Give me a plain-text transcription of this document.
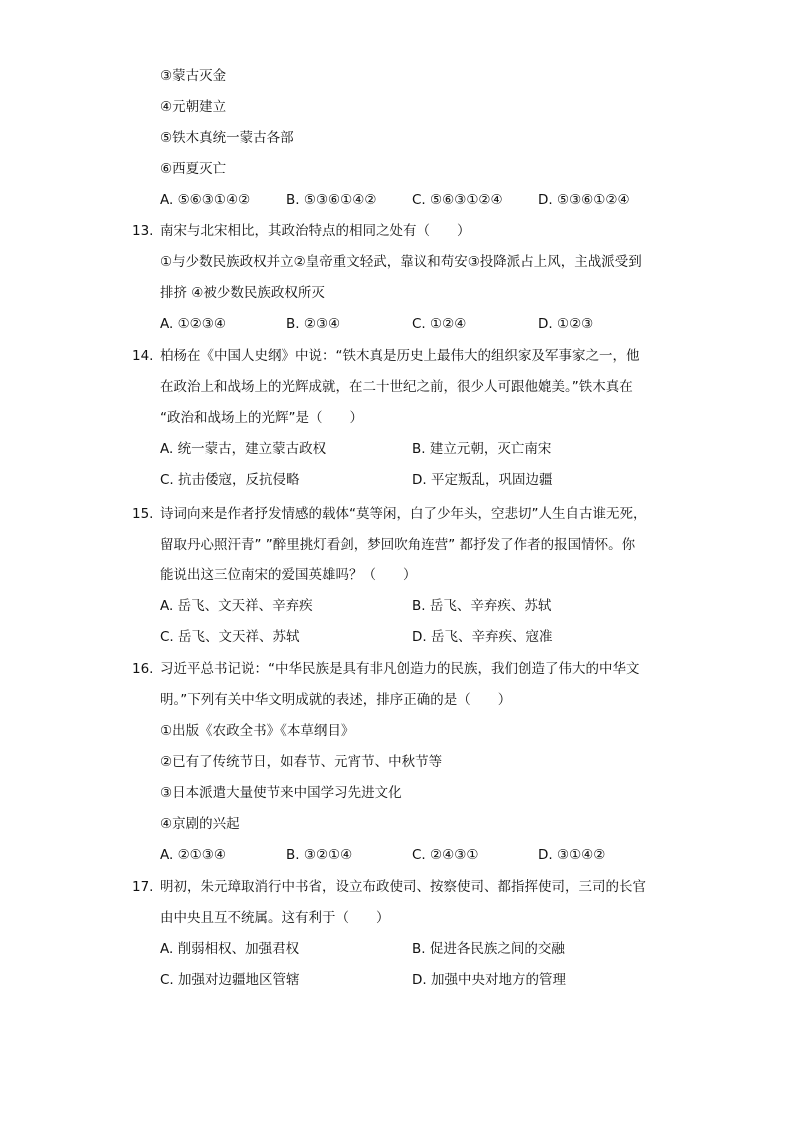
③蒙古灭金
④元朝建立
⑤铁木真统一蒙古各部
⑥西夏灭亡
A. ⑤⑥③①④②	B. ⑤③⑥①④②	C. ⑤⑥③①②④	D. ⑤③⑥①②④
13. 南宋与北宋相比，其政治特点的相同之处有（　　）
①与少数民族政权并立②皇帝重文轻武，靠议和苟安③投降派占上风，主战派受到
排挤 ④被少数民族政权所灭
A. ①②③④	B. ②③④	C. ①②④	D. ①②③
14. 柏杨在《中国人史纲》中说：“铁木真是历史上最伟大的组织家及军事家之一，他
在政治上和战场上的光辉成就，在二十世纪之前，很少人可跟他媲美。”铁木真在
“政治和战场上的光辉”是（　　）
A. 统一蒙古，建立蒙古政权	B. 建立元朝，灭亡南宋
C. 抗击倭寇，反抗侵略	D. 平定叛乱，巩固边疆
15. 诗词向来是作者抒发情感的载体“莫等闲，白了少年头，空悲切”人生自古谁无死，
留取丹心照汗青” ”醉里挑灯看剑，梦回吹角连营” 都抒发了作者的报国情怀。你
能说出这三位南宋的爱国英雄吗？（　　）
A. 岳飞、文天祥、辛弃疾	B. 岳飞、辛弃疾、苏轼
C. 岳飞、文天祥、苏轼	D. 岳飞、辛弃疾、寇准
16. 习近平总书记说：“中华民族是具有非凡创造力的民族，我们创造了伟大的中华文
明。”下列有关中华文明成就的表述，排序正确的是（　　）
①出版《农政全书》《本草纲目》
②已有了传统节日，如春节、元宵节、中秋节等
③日本派遣大量使节来中国学习先进文化
④京剧的兴起
A. ②①③④	B. ③②①④	C. ②④③①	D. ③①④②
17. 明初，朱元璋取消行中书省，设立布政使司、按察使司、都指挥使司，三司的长官
由中央且互不统属。这有利于（　　）
A. 削弱相权、加强君权	B. 促进各民族之间的交融
C. 加强对边疆地区管辖	D. 加强中央对地方的管理
